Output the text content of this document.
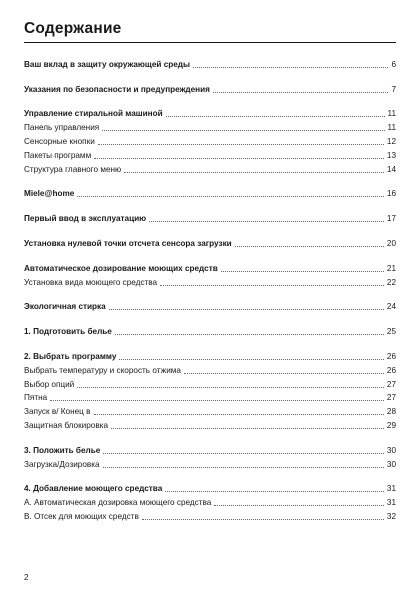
Содержание
Ваш вклад в защиту окружающей среды	6
Указания по безопасности и предупреждения	7
Управление стиральной машиной	11
Панель управления	11
Сенсорные кнопки	12
Пакеты программ	13
Структура главного меню	14
Miele@home	16
Первый ввод в эксплуатацию	17
Установка нулевой точки отсчета сенсора загрузки	20
Автоматическое дозирование моющих средств	21
Установка вида моющего средства	22
Экологичная стирка	24
1. Подготовить белье	25
2. Выбрать программу	26
Выбрать температуру и скорость отжима	26
Выбор опций	27
Пятна	27
Запуск в/ Конец в	28
Защитная блокировка	29
3. Положить белье	30
Загрузка/Дозировка	30
4. Добавление моющего средства	31
A. Автоматическая дозировка моющего средства	31
B. Отсек для моющих средств	32
2
